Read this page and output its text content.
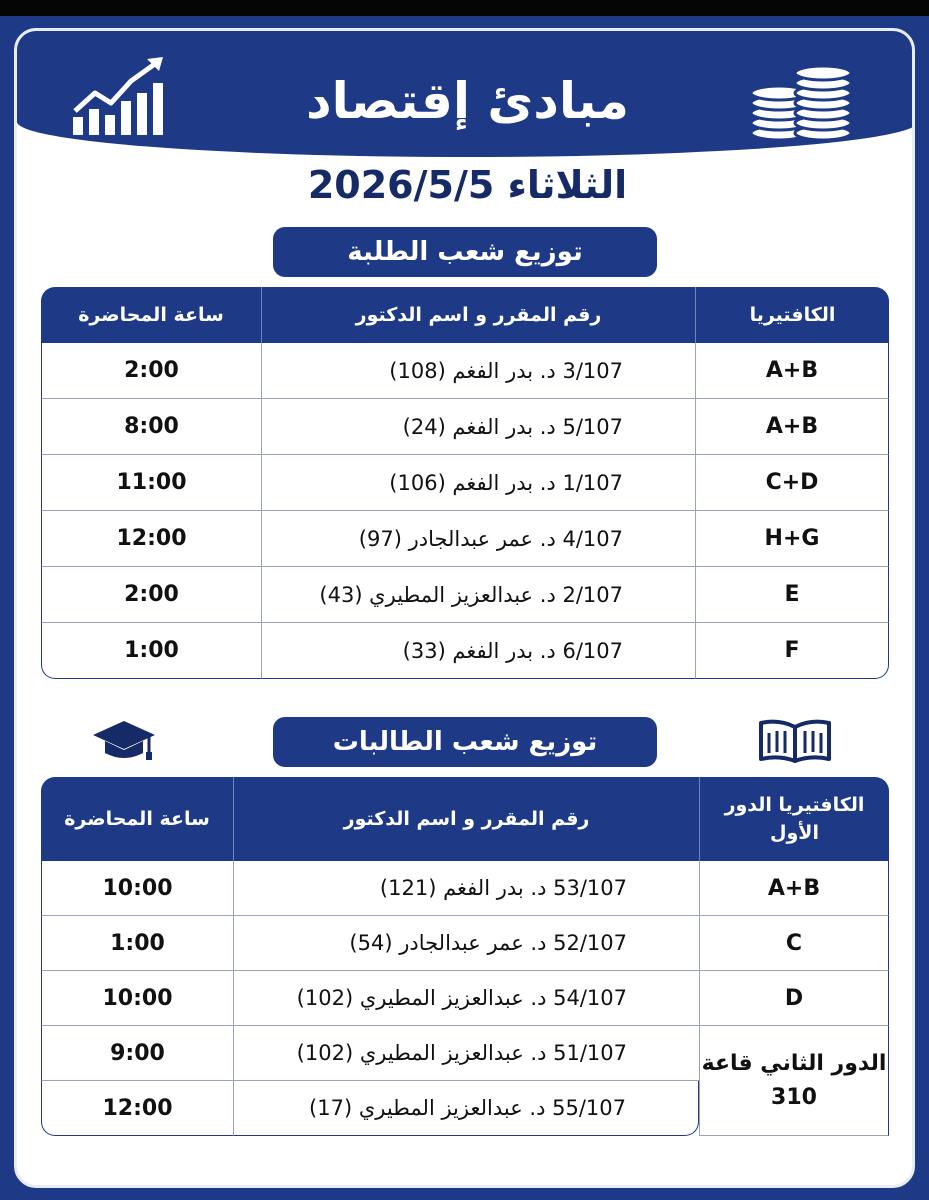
مبادئ إقتصاد
الثلاثاء 2026/5/5
توزيع شعب الطلبة
الكافتيريا	رقم المقرر و اسم الدكتور	ساعة المحاضرة
A+B	3/107 د. بدر الفغم (108)	2:00
A+B	5/107 د. بدر الفغم (24)	8:00
C+D	1/107 د. بدر الفغم (106)	11:00
H+G	4/107 د. عمر عبدالجادر (97)	12:00
E	2/107 د. عبدالعزيز المطيري (43)	2:00
F	6/107 د. بدر الفغم (33)	1:00
توزيع شعب الطالبات
الكافتيريا الدور الأول	رقم المقرر و اسم الدكتور	ساعة المحاضرة
A+B	53/107 د. بدر الفغم (121)	10:00
C	52/107 د. عمر عبدالجادر (54)	1:00
D	54/107 د. عبدالعزيز المطيري (102)	10:00
الدور الثاني قاعة 310	51/107 د. عبدالعزيز المطيري (102)	9:00
	55/107 د. عبدالعزيز المطيري (17)	12:00
